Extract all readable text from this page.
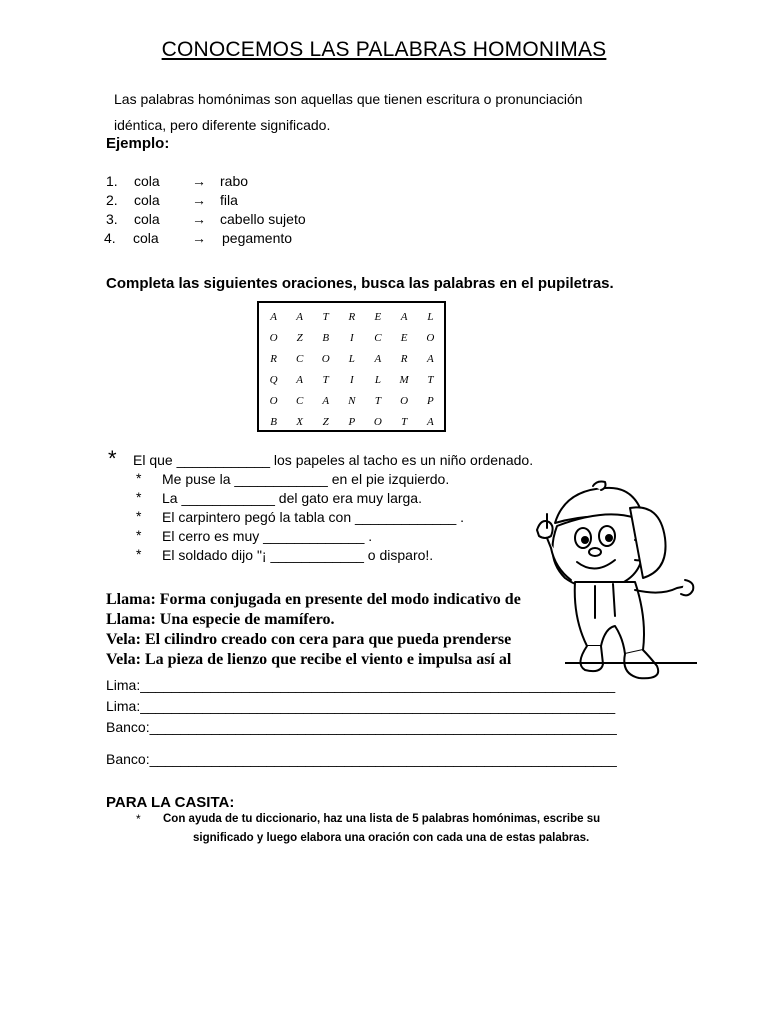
CONOCEMOS LAS PALABRAS HOMONIMAS
Las palabras homónimas son aquellas que tienen escritura o pronunciación
idéntica, pero diferente significado.
Ejemplo:
1. cola → rabo
2. cola → fila
3. cola → cabello sujeto
4. cola → pegamento
Completa las siguientes oraciones, busca las palabras en el pupiletras.
A	A	T	R	E	A	L
O	Z	B	I	C	E	O
R	C	O	L	A	R	A
Q	A	T	I	L	M	T
O	C	A	N	T	O	P
B	X	Z	P	O	T	A
* El que ____________ los papeles al tacho es un niño ordenado.
* Me puse la ____________ en el pie izquierdo.
* La ____________ del gato era muy larga.
* El carpintero pegó la tabla con _____________ .
* El cerro es muy _____________ .
* El soldado dijo "¡ ____________ o disparo!.
Llama: Forma conjugada en presente del modo indicativo de
Llama: Una especie de mamífero.
Vela: El cilindro creado con cera para que pueda prenderse
Vela: La pieza de lienzo que recibe el viento e impulsa así al
Lima:_____________________________________________________________
Lima:_____________________________________________________________
Banco:____________________________________________________________
Banco:____________________________________________________________
PARA LA CASITA:
* Con ayuda de tu diccionario, haz una lista de 5 palabras homónimas, escribe su
significado y luego elabora una oración con cada una de estas palabras.
